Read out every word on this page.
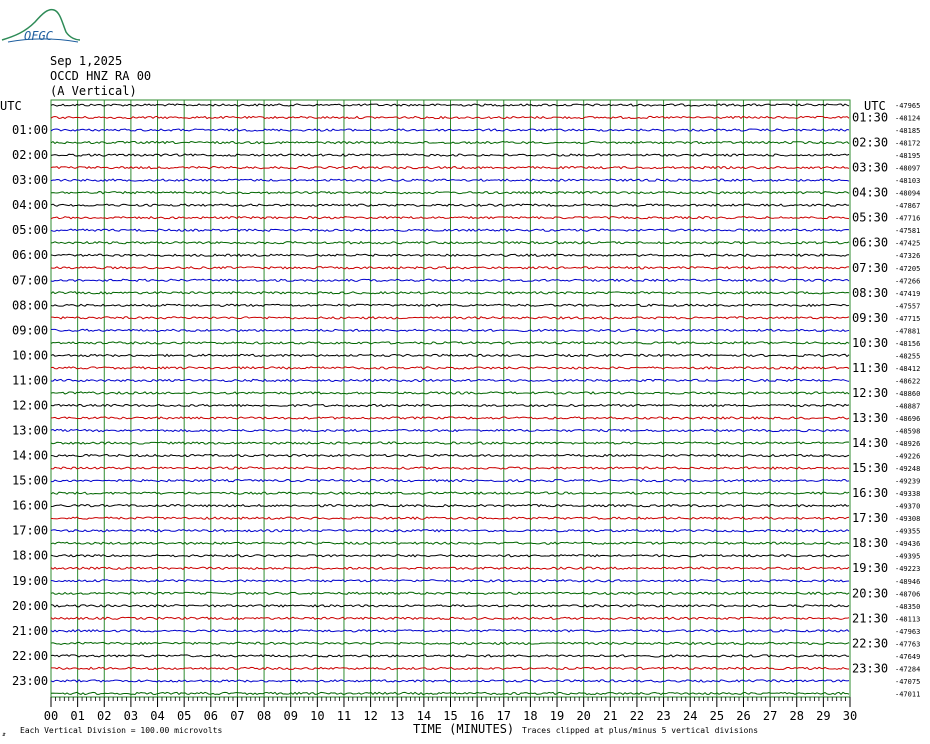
OFGC
Sep 1,2025
OCCD HNZ RA 00
(A Vertical)
UTC	UTC
01:00
02:00
03:00
04:00
05:00
06:00
07:00
08:00
09:00
10:00
11:00
12:00
13:00
14:00
15:00
16:00
17:00
18:00
19:00
20:00
21:00
22:00
23:00
01:30
02:30
03:30
04:30
05:30
06:30
07:30
08:30
09:30
10:30
11:30
12:30
13:30
14:30
15:30
16:30
17:30
18:30
19:30
20:30
21:30
22:30
23:30
-47965
-48124
-48185
-48172
-48195
-48097
-48103
-48094
-47867
-47716
-47581
-47425
-47326
-47205
-47266
-47419
-47557
-47715
-47881
-48156
-48255
-48412
-48622
-48860
-48887
-48696
-48598
-48926
-49226
-49248
-49239
-49338
-49370
-49308
-49355
-49436
-49395
-49223
-48946
-48706
-48350
-48113
-47963
-47763
-47649
-47284
-47075
-47011
00 01 02 03 04 05 06 07 08 09 10 11 12 13 14 15 16 17 18 19 20 21 22 23 24 25 26 27 28 29 30
TIME (MINUTES)
⇵ Each Vertical Division = 100.00 microvolts	Traces clipped at plus/minus 5 vertical divisions
